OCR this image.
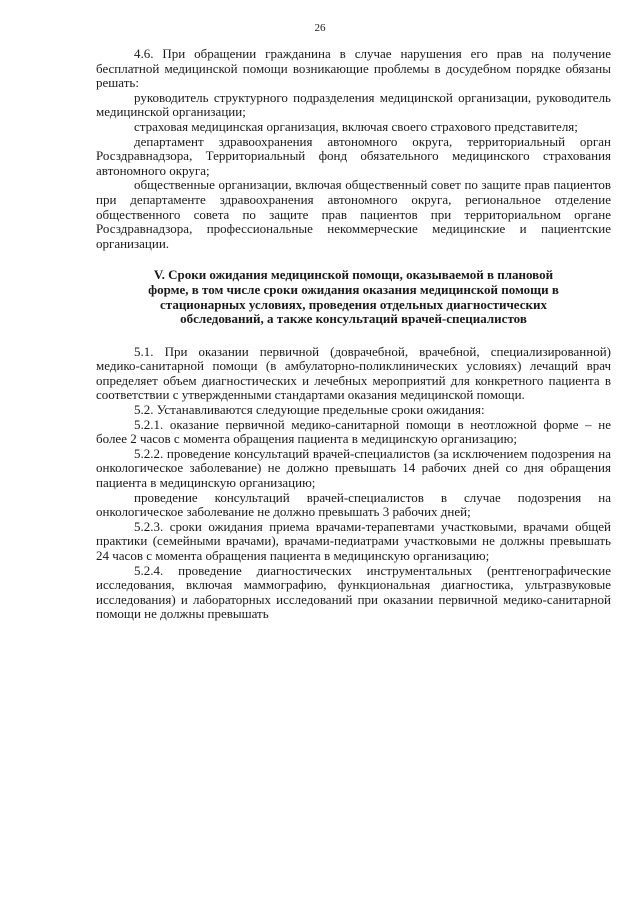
26

4.6. При обращении гражданина в случае нарушения его прав на получение бесплатной медицинской помощи возникающие проблемы в досудебном порядке обязаны решать:

руководитель структурного подразделения медицинской организации, руководитель медицинской организации;

страховая медицинская организация, включая своего страхового представителя;

департамент здравоохранения автономного округа, территориальный орган Росздравнадзора, Территориальный фонд обязательного медицинского страхования автономного округа;

общественные организации, включая общественный совет по защите прав пациентов при департаменте здравоохранения автономного округа, региональное отделение общественного совета по защите прав пациентов при территориальном органе Росздравнадзора, профессиональные некоммерческие медицинские и пациентские организации.

V. Сроки ожидания медицинской помощи, оказываемой в плановой форме, в том числе сроки ожидания оказания медицинской помощи в стационарных условиях, проведения отдельных диагностических обследований, а также консультаций врачей-специалистов

5.1. При оказании первичной (доврачебной, врачебной, специализированной) медико-санитарной помощи (в амбулаторно-поликлинических условиях) лечащий врач определяет объем диагностических и лечебных мероприятий для конкретного пациента в соответствии с утвержденными стандартами оказания медицинской помощи.

5.2. Устанавливаются следующие предельные сроки ожидания:

5.2.1. оказание первичной медико-санитарной помощи в неотложной форме – не более 2 часов с момента обращения пациента в медицинскую организацию;

5.2.2. проведение консультаций врачей-специалистов (за исключением подозрения на онкологическое заболевание) не должно превышать 14 рабочих дней со дня обращения пациента в медицинскую организацию;

проведение консультаций врачей-специалистов в случае подозрения на онкологическое заболевание не должно превышать 3 рабочих дней;

5.2.3. сроки ожидания приема врачами-терапевтами участковыми, врачами общей практики (семейными врачами), врачами-педиатрами участковыми не должны превышать 24 часов с момента обращения пациента в медицинскую организацию;

5.2.4. проведение диагностических инструментальных (рентгенографические исследования, включая маммографию, функциональная диагностика, ультразвуковые исследования) и лабораторных исследований при оказании первичной медико-санитарной помощи не должны превышать
